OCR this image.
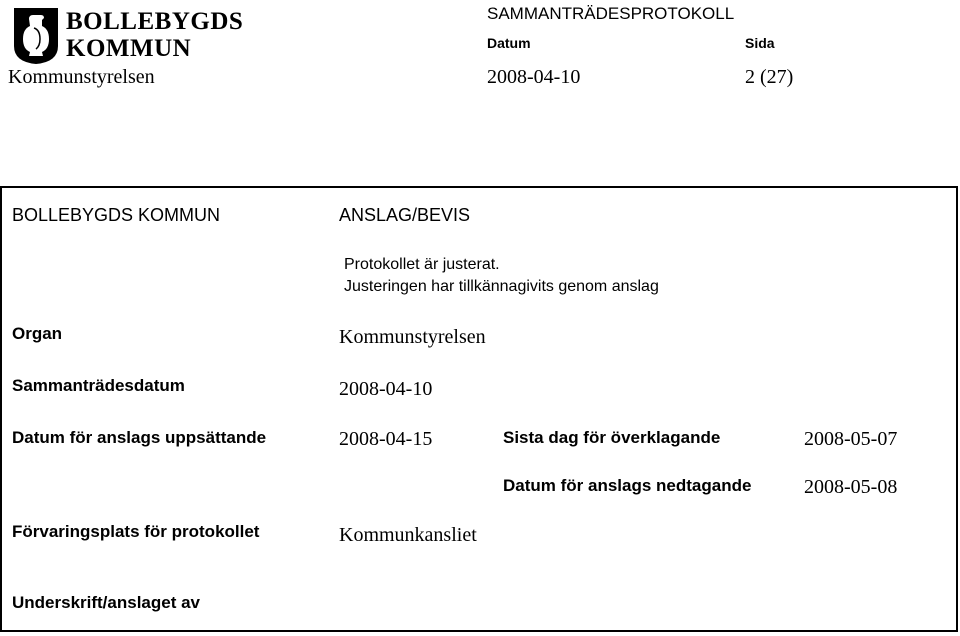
BOLLEBYGDS
KOMMUN
SAMMANTRÄDESPROTOKOLL
Datum	Sida
Kommunstyrelsen	2008-04-10	2 (27)
BOLLEBYGDS KOMMUN	ANSLAG/BEVIS
Protokollet är justerat.
Justeringen har tillkännagivits genom anslag
Organ	Kommunstyrelsen
Sammanträdesdatum	2008-04-10
Datum för anslags uppsättande	2008-04-15	Sista dag för överklagande	2008-05-07
Datum för anslags nedtagande	2008-05-08
Förvaringsplats för protokollet	Kommunkansliet
Underskrift/anslaget av
